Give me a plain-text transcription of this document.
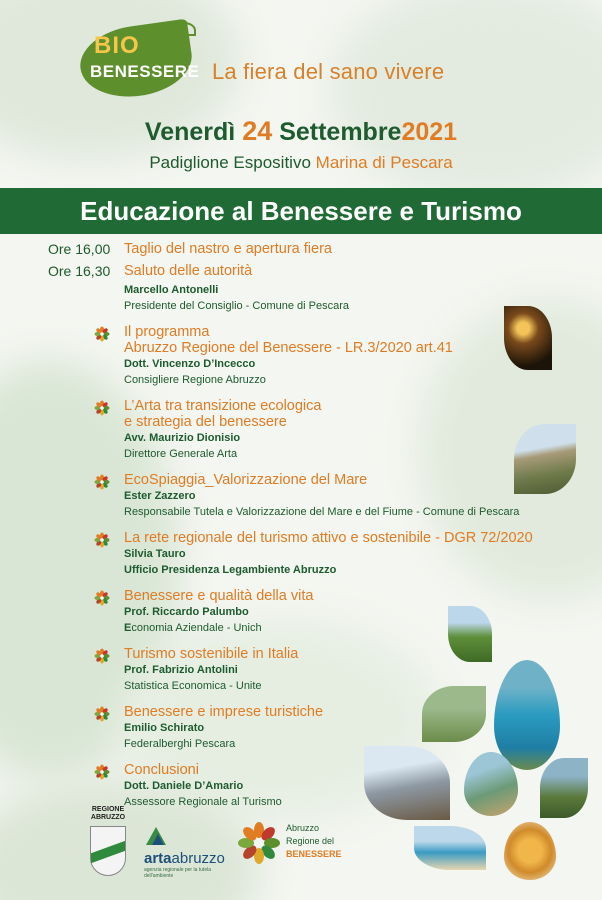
BIO
BENESSERE La fiera del sano vivere
Venerdì 24 Settembre2021
Padiglione Espositivo Marina di Pescara
Educazione al Benessere e Turismo
Ore 16,00 Taglio del nastro e apertura fiera
Ore 16,30 Saluto delle autorità
Marcello Antonelli
Presidente del Consiglio - Comune di Pescara
Il programma
Abruzzo Regione del Benessere - LR.3/2020 art.41
Dott. Vincenzo D’Incecco
Consigliere Regione Abruzzo
L’Arta tra transizione ecologica
e strategia del benessere
Avv. Maurizio Dionisio
Direttore Generale Arta
EcoSpiaggia_Valorizzazione del Mare
Ester Zazzero
Responsabile Tutela e Valorizzazione del Mare e del Fiume - Comune di Pescara
La rete regionale del turismo attivo e sostenibile - DGR 72/2020
Silvia Tauro
Ufficio Presidenza Legambiente Abruzzo
Benessere e qualità della vita
Prof. Riccardo Palumbo
Economia Aziendale - Unich
Turismo sostenibile in Italia
Prof. Fabrizio Antolini
Statistica Economica - Unite
Benessere e imprese turistiche
Emilio Schirato
Federalberghi Pescara
Conclusioni
Dott. Daniele D’Amario
Assessore Regionale al Turismo
REGIONE ABRUZZO
artaabruzzo
agenzia regionale per la tutela dell'ambiente
Abruzzo
Regione del
BENESSERE
